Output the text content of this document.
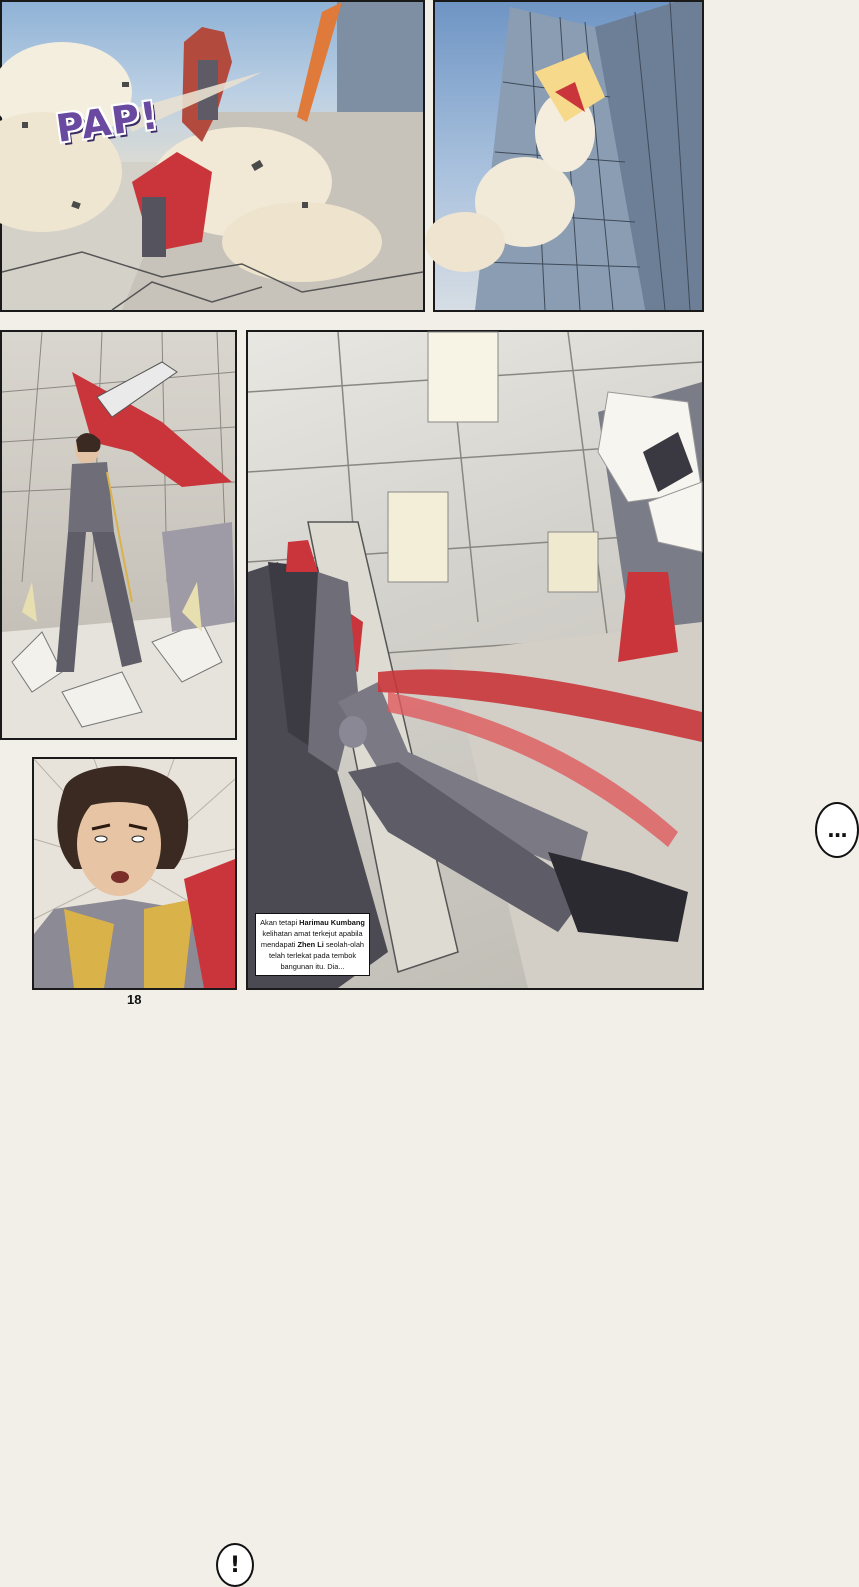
PAP!
...
!
Akan tetapi Harimau Kumbang kelihatan amat terkejut apabila mendapati Zhen Li seolah-olah telah terlekat pada tembok bangunan itu. Dia...
18
